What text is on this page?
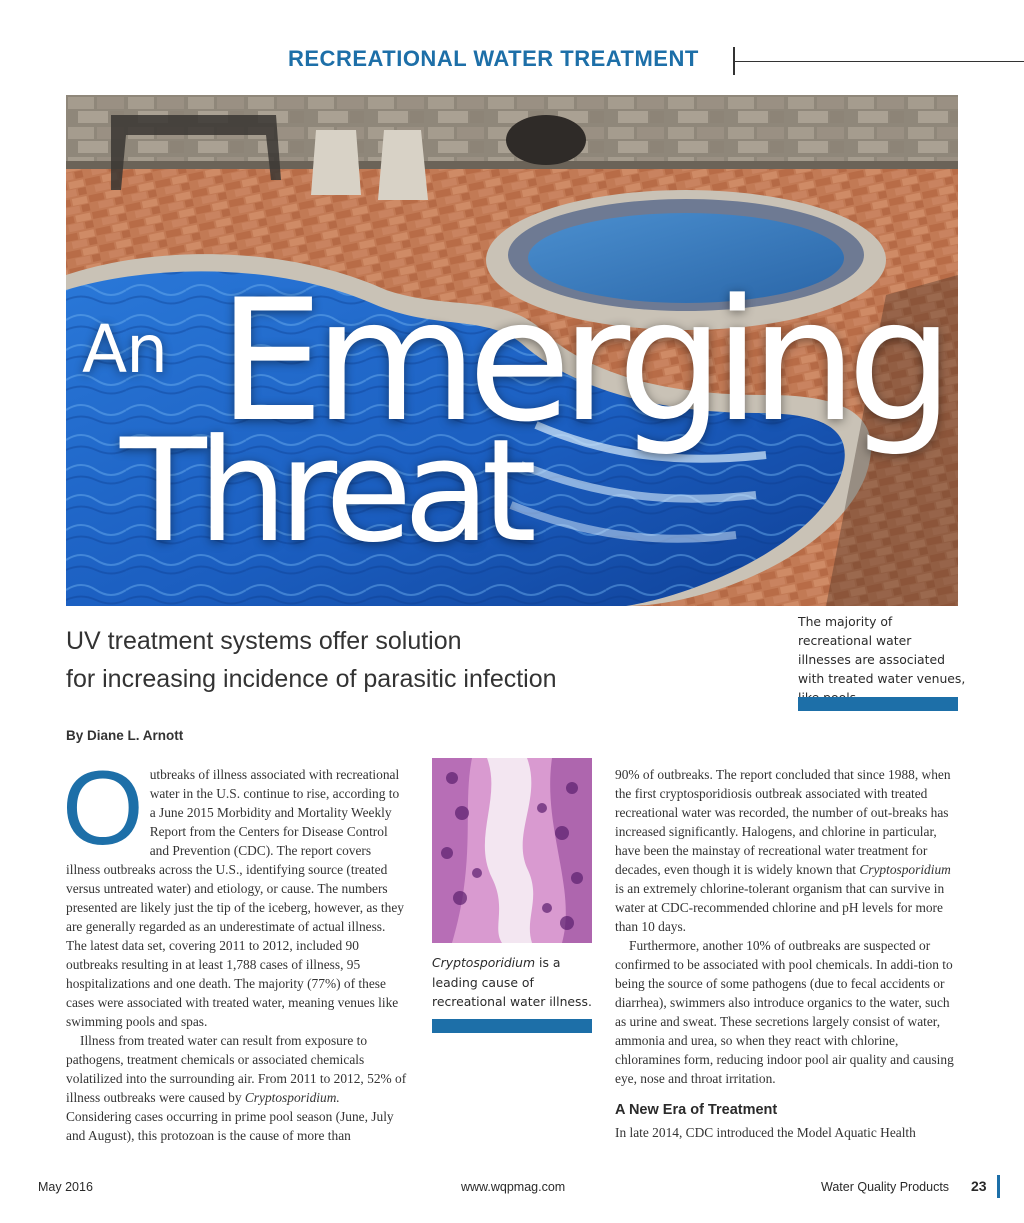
RECREATIONAL WATER TREATMENT
An Emerging
Threat
UV treatment systems offer solution
for increasing incidence of parasitic infection
The majority of recreational water illnesses are associated with treated water venues,
By Diane L. Arnott

Outbreaks of illness associated with recreational water in the U.S. continue to rise, according to a June 2015 Morbidity and Mortality Weekly Report from the Centers for Disease Control and Prevention (CDC). The report covers illness outbreaks across the U.S., identifying source (treated versus untreated water) and etiology, or cause. The numbers presented are likely just the tip of the iceberg, however, as they are generally regarded as an underestimate of actual illness. The latest data set, covering 2011 to 2012, included 90 outbreaks resulting in at least 1,788 cases of illness, 95 hospitalizations and one death. The majority (77%) of these cases were associated with treated water, meaning venues like swimming pools and spas.

Illness from treated water can result from exposure to pathogens, treatment chemicals or associated chemicals volatilized into the surrounding air. From 2011 to 2012, 52% of illness outbreaks were caused by Cryptosporidium. Considering cases occurring in prime pool season (June, July and August), this protozoan is the cause of more than

Cryptosporidium is a leading cause of recreational water illness.

90% of outbreaks. The report concluded that since 1988, when the first cryptosporidiosis outbreak associated with treated recreational water was recorded, the number of out-breaks has increased significantly. Halogens, and chlorine in particular, have been the mainstay of recreational water treatment for decades, even though it is widely known that Cryptosporidium is an extremely chlorine-tolerant organism that can survive in water at CDC-recommended chlorine and pH levels for more than 10 days.

Furthermore, another 10% of outbreaks are suspected or confirmed to be associated with pool chemicals. In addi-tion to being the source of some pathogens (due to fecal accidents or diarrhea), swimmers also introduce organics to the water, such as urine and sweat. These secretions largely consist of water, ammonia and urea, so when they react with chlorine, chloramines form, reducing indoor pool air quality and causing eye, nose and throat irritation.

A New Era of Treatment

In late 2014, CDC introduced the Model Aquatic Health

May 2016	www.wqpmag.com	Water Quality Products 23
